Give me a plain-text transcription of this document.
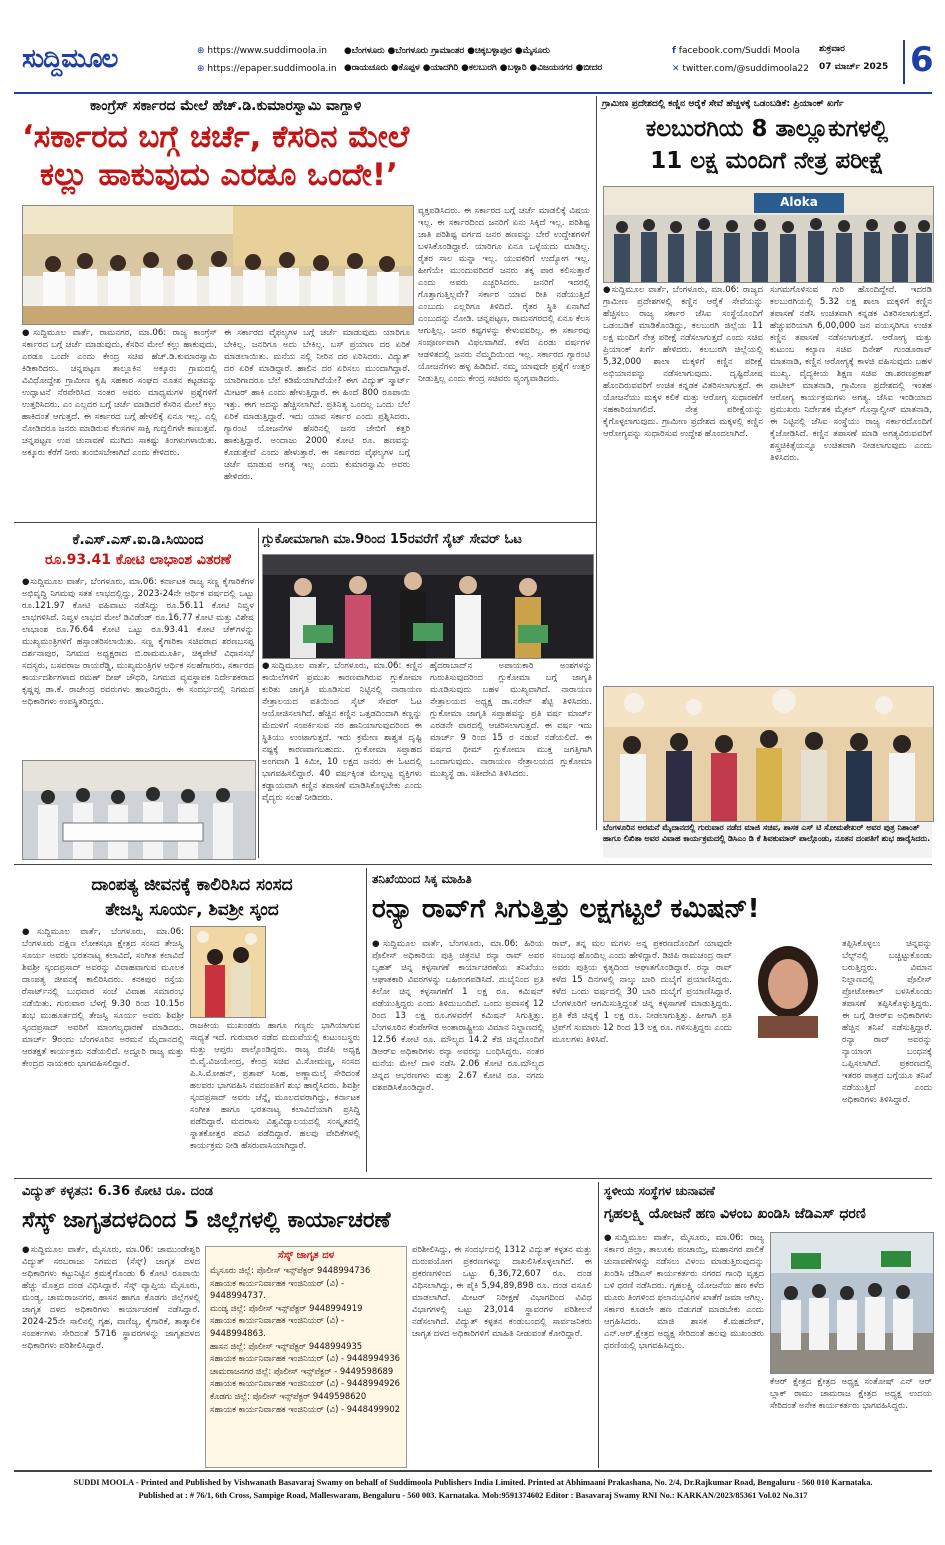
ಸುದ್ದಿಮೂಲ	⊕ https://www.suddimoola.in
⊕ https://epaper.suddimoola.in
●ಬೆಂಗಳೂರು ●ಬೆಂಗಳೂರು ಗ್ರಾಮಾಂತರ ●ಚಿಕ್ಕಬಳ್ಳಾಪುರ ●ಮೈಸೂರು
●ರಾಯಚೂರು ●ಕೊಪ್ಪಳ ●ಯಾದಗಿರಿ ●ಕಲಬುರಗಿ ●ಬಳ್ಳಾರಿ ●ವಿಜಯನಗರ ●ಬೀದರ
f facebook.com/Suddi Moola
✕ twitter.com/@suddimoola22
ಶುಕ್ರವಾರ
07 ಮಾರ್ಚ್ 2025 6
ಕಾಂಗ್ರೆಸ್ ಸರ್ಕಾರದ ಮೇಲೆ ಹೆಚ್.ಡಿ.ಕುಮಾರಸ್ವಾಮಿ ವಾಗ್ದಾಳಿ
‘ಸರ್ಕಾರದ ಬಗ್ಗೆ ಚರ್ಚೆ, ಕೆಸರಿನ ಮೇಲೆ
ಕಲ್ಲು ಹಾಕುವುದು ಎರಡೂ ಒಂದೇ!’
●ಸುದ್ದಿಮೂಲ ವಾರ್ತೆ, ರಾಮನಗರ, ಮಾ.06: ರಾಜ್ಯ ಕಾಂಗ್ರೆಸ್ ಸರ್ಕಾರದ ಬಗ್ಗೆ ಚರ್ಚೆ ಮಾಡುವುದು, ಕೆಸರಿನ ಮೇಲೆ ಕಲ್ಲು ಹಾಕುವುದು, ಎರಡೂ ಒಂದೇ ಎಂದು ಕೇಂದ್ರ ಸಚಿವ ಹೆಚ್.ಡಿ.ಕುಮಾರಸ್ವಾಮಿ ಕಿಡಿಕಾರಿದರು. ಚನ್ನಪಟ್ಟಣ ತಾಲ್ಲೂಕಿನ ಅಕ್ಕೂರು ಗ್ರಾಮದಲ್ಲಿ ವಿವಿಧೋದ್ದೇಶ ಗ್ರಾಮೀಣ ಕೃಷಿ ಸಹಕಾರ ಸಂಘದ ನೂತನ ಕಟ್ಟಡವನ್ನು ಉದ್ಘಾಟನೆ ನೆರವೇರಿಸಿದ ನಂತರ ಅವರು ಮಾಧ್ಯಮಗಳ ಪ್ರಶ್ನೆಗಳಿಗೆ ಉತ್ತರಿಸಿದರು. ಎಂ ಎಲ್ಲದರ ಬಗ್ಗೆ ಚರ್ಚೆ ಮಾಡಿದರೆ ಕೆಸರಿನ ಮೇಲೆ ಕಲ್ಲು ಹಾಕಿದಂತೆ ಆಗುತ್ತದೆ. ಈ ಸರ್ಕಾರದ ಬಗ್ಗೆ ಹೇಳಲಿಕ್ಕೆ ಏನೂ ಇಲ್ಲ. ಎಲ್ಲಿ ನೋಡಿದರೂ ಜನರು ಮಾಡಿರುವ ಕೆಲಸಗಳ ಸಾಕ್ಷಿ ಗುದ್ದಲಿಗಳೇ ಕಾಣುತ್ತವೆ. ಚನ್ನಪಟ್ಟಣ ಉಪ ಚುನಾವಣೆ ಮುಗಿದು ಸಾಕಷ್ಟು ತಿಂಗಳುಗಳಾಯಿತು. ಅಕ್ಕೂರು ಕೆರೆಗೆ ನೀರು ತುಂಬಿಸಬೇಕಾಗಿದೆ ಎಂದು ಕೇಳಿದರು.
ಈ ಸರ್ಕಾರದ ವೈಫಲ್ಯಗಳ ಬಗ್ಗೆ ಚರ್ಚೆ ಮಾಡುವುದು ಯಾರಿಗೂ ಬೇಕಿಲ್ಲ. ಜನರಿಗೂ ಅದು ಬೇಕಿಲ್ಲ. ಬಸ್ ಪ್ರಯಾಣ ದರ ಏರಿಕೆ ಮಾಡಲಾಯಿತು. ಮನೆಯ ನಲ್ಲಿ ನೀರಿನ ದರ ಏರಿಸಿದರು. ವಿದ್ಯುತ್ ದರ ಏರಿಕೆ ಮಾಡಿದ್ದಾರೆ. ಹಾಲಿನ ದರ ಏರಿಸಲು ಮುಂದಾಗಿದ್ದಾರೆ. ಯಾರಿಗಾದರೂ ಬೆಲೆ ಕಡಿಮೆಯಾಗಿದೆಯೇ? ಈಗ ವಿದ್ಯುತ್ ಸ್ಮಾರ್ಟ್ ಮೀಟರ್ ಹಾಕಿ ಎಂದು ಹೇಳುತ್ತಿದ್ದಾರೆ. ಈ ಹಿಂದೆ 800 ರೂಪಾಯಿ ಇತ್ತು. ಈಗ ಅದನ್ನು ಹೆಚ್ಚಿಸಲಾಗಿದೆ. ಪ್ರತಿನಿತ್ಯ ಒಂದಲ್ಲ ಒಂದು ಬೆಲೆ ಏರಿಕೆ ಮಾಡುತ್ತಿದ್ದಾರೆ. ಇದು ಯಾವ ಸರ್ಕಾರ ಎಂದು ಪ್ರಶ್ನಿಸಿದರು. ಗ್ಯಾರಂಟಿ ಯೋಜನೆಗಳ ಹೆಸರಿನಲ್ಲಿ ಜನರ ಜೇಬಿಗೆ ಕತ್ತರಿ ಹಾಕುತ್ತಿದ್ದಾರೆ. ಅಂದಾಜು 2000 ಕೋಟಿ ರೂ. ಹಣವನ್ನು ಕೊಡುತ್ತೇವೆ ಎಂದು ಹೇಳುತ್ತಾರೆ. ಈ ಸರ್ಕಾರದ ವೈಫಲ್ಯಗಳ ಬಗ್ಗೆ ಚರ್ಚೆ ಮಾಡುವ ಅಗತ್ಯ ಇಲ್ಲ ಎಂದು ಕುಮಾರಸ್ವಾಮಿ ಅವರು ಹೇಳಿದರು.
ವ್ಯಕ್ತಪಡಿಸಿದರು. ಈ ಸರ್ಕಾರದ ಬಗ್ಗೆ ಚರ್ಚೆ ಮಾಡಲಿಕ್ಕೆ ವಿಷಯ ಇಲ್ಲ. ಈ ಸರ್ಕಾರದಿಂದ ಜನರಿಗೆ ಏನು ಸಿಕ್ಕಿದೆ ಇಲ್ಲ. ಪರಿಶಿಷ್ಟ ಜಾತಿ ಪರಿಶಿಷ್ಟ ವರ್ಗದ ಜನರ ಹಣವನ್ನು ಬೇರೆ ಉದ್ದೇಶಗಳಿಗೆ ಬಳಸಿಕೊಂಡಿದ್ದಾರೆ. ಯಾರಿಗೂ ಏನೂ ಒಳ್ಳೆಯದು ಮಾಡಿಲ್ಲ. ರೈತರ ಸಾಲ ಮನ್ನಾ ಇಲ್ಲ. ಯುವಕರಿಗೆ ಉದ್ಯೋಗ ಇಲ್ಲ. ಹೀಗೆಯೇ ಮುಂದುವರಿದರೆ ಜನರು ತಕ್ಕ ಪಾಠ ಕಲಿಸುತ್ತಾರೆ ಎಂದು ಅವರು ಎಚ್ಚರಿಸಿದರು. ಜನರಿಗೆ ಇದರಲ್ಲಿ ಗೊತ್ತಾಗುತ್ತಿಲ್ಲವೇ? ಸರ್ಕಾರ ಯಾವ ರೀತಿ ನಡೆಯುತ್ತಿದೆ ಎಂಬುದು ಎಲ್ಲರಿಗೂ ತಿಳಿದಿದೆ. ರೈತರ ಸ್ಥಿತಿ ಏನಾಗಿದೆ ಎಂಬುದನ್ನು ನೋಡಿ. ಚನ್ನಪಟ್ಟಣ, ರಾಮನಗರದಲ್ಲಿ ಏನೂ ಕೆಲಸ ಆಗುತ್ತಿಲ್ಲ. ಜನರ ಕಷ್ಟಗಳನ್ನು ಕೇಳುವವರಿಲ್ಲ. ಈ ಸರ್ಕಾರವು ಸಂಪೂರ್ಣವಾಗಿ ವಿಫಲವಾಗಿದೆ. ಕಳೆದ ಎರಡು ವರ್ಷಗಳ ಆಡಳಿತದಲ್ಲಿ ಜನರು ನೆಮ್ಮದಿಯಿಂದ ಇಲ್ಲ. ಸರ್ಕಾರದ ಗ್ಯಾರಂಟಿ ಯೋಜನೆಗಳು ಹಳ್ಳ ಹಿಡಿದಿವೆ. ನಮ್ಮ ಯಾವುದೇ ಪ್ರಶ್ನೆಗೆ ಉತ್ತರ ನೀಡುತ್ತಿಲ್ಲ ಎಂದು ಕೇಂದ್ರ ಸಚಿವರು ವ್ಯಂಗ್ಯವಾಡಿದರು.
ಗ್ರಾಮೀಣ ಪ್ರದೇಶದಲ್ಲಿ ಕಣ್ಣಿನ ಆರೈಕೆ ಸೇವೆ ಹೆಚ್ಚಳಕ್ಕೆ ಒಡಂಬಡಿಕೆ: ಪ್ರಿಯಾಂಕ್ ಖರ್ಗೆ
ಕಲಬುರಗಿಯ 8 ತಾಲ್ಲೂಕುಗಳಲ್ಲಿ
11 ಲಕ್ಷ ಮಂದಿಗೆ ನೇತ್ರ ಪರೀಕ್ಷೆ
Aloka
●ಸುದ್ದಿಮೂಲ ವಾರ್ತೆ, ಬೆಂಗಳೂರು, ಮಾ.06: ರಾಜ್ಯದ ಗ್ರಾಮೀಣ ಪ್ರದೇಶಗಳಲ್ಲಿ ಕಣ್ಣಿನ ಆರೈಕೆ ಸೇವೆಯನ್ನು ಹೆಚ್ಚಿಸಲು ರಾಜ್ಯ ಸರ್ಕಾರ ಜೆಸಿಐ ಸಂಸ್ಥೆಯೊಂದಿಗೆ ಒಡಂಬಡಿಕೆ ಮಾಡಿಕೊಂಡಿದ್ದು, ಕಲಬುರಗಿ ಜಿಲ್ಲೆಯ 11 ಲಕ್ಷ ಮಂದಿಗೆ ನೇತ್ರ ಪರೀಕ್ಷೆ ನಡೆಸಲಾಗುತ್ತದೆ ಎಂದು ಸಚಿವ ಪ್ರಿಯಾಂಕ್ ಖರ್ಗೆ ಹೇಳಿದರು. ಕಲಬುರಗಿ ಜಿಲ್ಲೆಯಲ್ಲಿ 5,32,000 ಶಾಲಾ ಮಕ್ಕಳಿಗೆ ಕಣ್ಣಿನ ಪರೀಕ್ಷೆ ಅಭಿಯಾನವನ್ನು ನಡೆಸಲಾಗುವುದು. ದೃಷ್ಟಿದೋಷ ಹೊಂದಿರುವವರಿಗೆ ಉಚಿತ ಕನ್ನಡಕ ವಿತರಿಸಲಾಗುತ್ತದೆ. ಈ ಯೋಜನೆಯು ಮಕ್ಕಳ ಕಲಿಕೆ ಮತ್ತು ಆರೋಗ್ಯ ಸುಧಾರಣೆಗೆ ಸಹಕಾರಿಯಾಗಲಿದೆ. ನೇತ್ರ ಪರೀಕ್ಷೆಯನ್ನು ಕೈಗೊಳ್ಳಲಾಗುವುದು. ಗ್ರಾಮೀಣ ಪ್ರದೇಶದ ಮಕ್ಕಳಲ್ಲಿ ಕಣ್ಣಿನ ಆರೋಗ್ಯವನ್ನು ಸುಧಾರಿಸುವ ಉದ್ದೇಶ ಹೊಂದಲಾಗಿದೆ.
ಸುಗಮಗೊಳಿಸುವ ಗುರಿ ಹೊಂದಿದ್ದೇವೆ. ಇದರಡಿ ಕಲಬುರಗಿಯಲ್ಲಿ 5.32 ಲಕ್ಷ ಶಾಲಾ ಮಕ್ಕಳಿಗೆ ಕಣ್ಣಿನ ತಪಾಸಣೆ ನಡೆಸಿ ಉಚಿತವಾಗಿ ಕನ್ನಡಕ ವಿತರಿಸಲಾಗುತ್ತದೆ. ಹೆಚ್ಚುವರಿಯಾಗಿ 6,00,000 ಜನ ವಯಸ್ಕರಿಗೂ ಉಚಿತ ಕಣ್ಣಿನ ತಪಾಸಣೆ ನಡೆಸಲಾಗುತ್ತದೆ. ಆರೋಗ್ಯ ಮತ್ತು ಕುಟುಂಬ ಕಲ್ಯಾಣ ಸಚಿವ ದಿನೇಶ್ ಗುಂಡೂರಾವ್ ಮಾತನಾಡಿ, ಕಣ್ಣಿನ ಆರೋಗ್ಯಕ್ಕೆ ಕಾಳಜಿ ವಹಿಸುವುದು ಬಹಳ ಮುಖ್ಯ. ವೈದ್ಯಕೀಯ ಶಿಕ್ಷಣ ಸಚಿವ ಡಾ.ಶರಣಪ್ರಕಾಶ್ ಪಾಟೀಲ್ ಮಾತನಾಡಿ, ಗ್ರಾಮೀಣ ಪ್ರದೇಶದಲ್ಲಿ ಇಂತಹ ಆರೋಗ್ಯ ಕಾರ್ಯಕ್ರಮಗಳು ಅಗತ್ಯ. ಜೆಸಿಐ ಇಂಡಿಯಾದ ಪ್ರಮುಖರು ನಿರ್ದೇಶಕ ಮೈಕಲ್ ಗೊನ್ಸಾಲ್ವೀಸ್ ಮಾತನಾಡಿ, ಈ ನಿಟ್ಟಿನಲ್ಲಿ ಜೆಸಿಐ ಸಂಸ್ಥೆಯು ರಾಜ್ಯ ಸರ್ಕಾರದೊಂದಿಗೆ ಕೈಜೋಡಿಸಿದೆ. ಕಣ್ಣಿನ ತಪಾಸಣೆ ಮಾಡಿ ಅಗತ್ಯವಿರುವವರಿಗೆ ಶಸ್ತ್ರಚಿಕಿತ್ಸೆಯನ್ನೂ ಉಚಿತವಾಗಿ ನೀಡಲಾಗುವುದು ಎಂದು ತಿಳಿಸಿದರು.
ಬೆಂಗಳೂರಿನ ಅರಮನೆ ಮೈದಾನದಲ್ಲಿ ಗುರುವಾರ ನಡೆದ ಮಾಜಿ ಸಚಿವ, ಶಾಸಕ ಎಸ್ ಟಿ ಸೋಮಶೇಖರ್ ಅವರ ಪುತ್ರ ನಿಶಾಂತ್ ಹಾಗೂ ಲಿಖಿತಾ ಅವರ ವಿವಾಹ ಕಾರ್ಯಕ್ರಮದಲ್ಲಿ ಡಿಸಿಎಂ ಡಿ ಕೆ ಶಿವಕುಮಾರ್ ಪಾಲ್ಗೊಂಡು, ನೂತನ ದಂಪತಿಗೆ ಶುಭ ಹಾರೈಸಿದರು.
ಕೆ.ಎಸ್.ಎಸ್.ಐ.ಡಿ.ಸಿಯಿಂದ
ರೂ.93.41 ಕೋಟಿ ಲಾಭಾಂಶ ವಿತರಣೆ
●ಸುದ್ದಿಮೂಲ ವಾರ್ತೆ, ಬೆಂಗಳೂರು, ಮಾ.06: ಕರ್ನಾಟಕ ರಾಜ್ಯ ಸಣ್ಣ ಕೈಗಾರಿಕೆಗಳ ಅಭಿವೃದ್ಧಿ ನಿಗಮವು ಸತತ ಲಾಭದಲ್ಲಿದ್ದು, 2023-24ನೇ ಆರ್ಥಿಕ ವರ್ಷದಲ್ಲಿ ಒಟ್ಟು ರೂ.121.97 ಕೋಟಿ ವಹಿವಾಟು ನಡೆಸಿದ್ದು ರೂ.56.11 ಕೋಟಿ ನಿವ್ವಳ ಲಾಭಗಳಿಸಿದೆ. ನಿವ್ವಳ ಲಾಭದ ಮೇಲೆ ಡಿವಿಡೆಂಡ್ ರೂ.16.77 ಕೋಟಿ ಮತ್ತು ವಿಶೇಷ ಲಾಭಾಂಶ ರೂ.76.64 ಕೋಟಿ ಒಟ್ಟು ರೂ.93.41 ಕೋಟಿ ಚೆಕ್‌ಗಳನ್ನು ಮುಖ್ಯಮಂತ್ರಿಗಳಿಗೆ ಹಸ್ತಾಂತರಿಸಲಾಯಿತು. ಸಣ್ಣ ಕೈಗಾರಿಕಾ ಸಚಿವರಾದ ಶರಣಬಸಪ್ಪ ದರ್ಶನಾಪುರ, ನಿಗಮದ ಅಧ್ಯಕ್ಷರಾದ ಬಿ.ರಾಮಮೂರ್ತಿ, ಚಿಕ್ಕಪೇಟೆ ವಿಧಾನಸಭೆ ಸದಸ್ಯರು, ಬಸವರಾಜ ರಾಯರೆಡ್ಡಿ, ಮುಖ್ಯಮಂತ್ರಿಗಳ ಆರ್ಥಿಕ ಸಲಹೆಗಾರರು, ಸರ್ಕಾರದ ಕಾರ್ಯದರ್ಶಿಗಳಾದ ರಮಣ್ ದೀಪ್ ಚೌಧರಿ, ನಿಗಮದ ವ್ಯವಸ್ಥಾಪಕ ನಿರ್ದೇಶಕರಾದ ಕೃಷ್ಣಪ್ಪ ಡಾ.ಕೆ. ರಾಜೇಂದ್ರ ರವರುಗಳು ಹಾಜರಿದ್ದರು. ಈ ಸಂದರ್ಭದಲ್ಲಿ ನಿಗಮದ ಅಧಿಕಾರಿಗಳು ಉಪಸ್ಥಿತರಿದ್ದರು.
ಗ್ಲುಕೋಮಾಗಾಗಿ ಮಾ.9ರಿಂದ 15ರವರೆಗೆ ಸೈಟ್ ಸೇವರ್ ಓಟ
●ಸುದ್ದಿಮೂಲ ವಾರ್ತೆ, ಬೆಂಗಳೂರು, ಮಾ.06: ಕಣ್ಣಿನ ಕಾಯಿಲೆಗಳಿಗೆ ಪ್ರಮುಖ ಕಾರಣವಾಗಿರುವ ಗ್ಲುಕೋಮಾ ಕುರಿತು ಜಾಗೃತಿ ಮೂಡಿಸುವ ನಿಟ್ಟಿನಲ್ಲಿ ನಾರಾಯಣ ನೇತ್ರಾಲಯದ ವತಿಯಿಂದ ಸೈಟ್ ಸೇವರ್ ಓಟ ಆಯೋಜಿಸಲಾಗಿದೆ. ಹೆಚ್ಚಿನ ಕಣ್ಣಿನ ಒತ್ತಡದಿಂದಾಗಿ ಕಣ್ಣನ್ನು ಮೆದುಳಿಗೆ ಸಂಪರ್ಕಿಸುವ ನರ ಹಾನಿಯಾಗುವುದರಿಂದ ಈ ಸ್ಥಿತಿಯು ಉಂಟಾಗುತ್ತದೆ. ಇದು ಕ್ರಮೇಣ ಶಾಶ್ವತ ದೃಷ್ಟಿ ನಷ್ಟಕ್ಕೆ ಕಾರಣವಾಗಬಹುದು. ಗ್ಲುಕೋಮಾ ಸಪ್ತಾಹದ ಅಂಗವಾಗಿ 1 ಕಿಮೀ, 10 ಲಕ್ಷದ ಜನರು ಈ ಓಟದಲ್ಲಿ ಭಾಗವಹಿಸಲಿದ್ದಾರೆ. 40 ವರ್ಷಕ್ಕಿಂತ ಮೇಲ್ಪಟ್ಟ ವ್ಯಕ್ತಿಗಳು ಕಡ್ಡಾಯವಾಗಿ ಕಣ್ಣಿನ ತಪಾಸಣೆ ಮಾಡಿಸಿಕೊಳ್ಳಬೇಕು ಎಂದು ವೈದ್ಯರು ಸಲಹೆ ನೀಡಿದರು.
ಹೈದರಾಬಾದ್‌ನ ಅಪಾಯಕಾರಿ ಅಂಶಗಳನ್ನು ಗುರುತಿಸುವುದರಿಂದ ಗ್ಲುಕೋಮಾ ಬಗ್ಗೆ ಜಾಗೃತಿ ಮೂಡಿಸುವುದು ಬಹಳ ಮುಖ್ಯವಾಗಿದೆ. ನಾರಾಯಣ ನೇತ್ರಾಲಯದ ಅಧ್ಯಕ್ಷ ಡಾ.ನರೇನ್ ಶೆಟ್ಟಿ ತಿಳಿಸಿದರು. ಗ್ಲುಕೋಮಾ ಜಾಗೃತಿ ಸಪ್ತಾಹವನ್ನು ಪ್ರತಿ ವರ್ಷ ಮಾರ್ಚ್ ಎರಡನೇ ವಾರದಲ್ಲಿ ಆಚರಿಸಲಾಗುತ್ತದೆ. ಈ ವರ್ಷ ಇದು ಮಾರ್ಚ್ 9 ರಿಂದ 15 ರ ನಡುವೆ ನಡೆಯಲಿದೆ. ಈ ವರ್ಷದ ಥೀಮ್ ಗ್ಲುಕೋಮಾ ಮುಕ್ತ ಜಗತ್ತಿಗಾಗಿ ಒಂದಾಗುವುದು. ನಾರಾಯಣ ನೇತ್ರಾಲಯದ ಗ್ಲುಕೋಮಾ ಮುಖ್ಯಸ್ಥೆ ಡಾ. ಸತೀದೇವಿ ತಿಳಿಸಿದರು.
ದಾಂಪತ್ಯ ಜೀವನಕ್ಕೆ ಕಾಲಿರಿಸಿದ ಸಂಸದ
ತೇಜಸ್ವಿ ಸೂರ್ಯ, ಶಿವಶ್ರೀ ಸ್ಕಂದ
●ಸುದ್ದಿಮೂಲ ವಾರ್ತೆ, ಬೆಂಗಳೂರು, ಮಾ.06: ಬೆಂಗಳೂರು ದಕ್ಷಿಣ ಲೋಕಸಭಾ ಕ್ಷೇತ್ರದ ಸಂಸದ ತೇಜಸ್ವಿ ಸೂರ್ಯ ಅವರು ಭರತನಾಟ್ಯ ಕಲಾವಿದೆ, ಸಂಗೀತ ಕಲಾವಿದೆ ಶಿವಶ್ರೀ ಸ್ಕಂದಪ್ರಸಾದ್ ಅವರನ್ನು ವಿವಾಹವಾಗುವ ಮೂಲಕ ದಾಂಪತ್ಯ ಜೀವನಕ್ಕೆ ಕಾಲಿರಿಸಿದರು. ಕನಕಪುರ ರಸ್ತೆಯ ರೆಸಾರ್ಟ್‌ನಲ್ಲಿ ಬುಧವಾರ ಸಂಜೆ ವಿವಾಹ ಸಮಾರಂಭ ನಡೆಯಿತು. ಗುರುವಾರ ಬೆಳಗ್ಗೆ 9.30 ರಿಂದ 10.15ರ ಶುಭ ಮುಹೂರ್ತದಲ್ಲಿ ತೇಜಸ್ವಿ ಸೂರ್ಯ ಅವರು ಶಿವಶ್ರೀ ಸ್ಕಂದಪ್ರಸಾದ್ ಅವರಿಗೆ ಮಾಂಗಲ್ಯಧಾರಣೆ ಮಾಡಿದರು. ಮಾರ್ಚ್ 9ರಂದು ಬೆಂಗಳೂರಿನ ಅರಮನೆ ಮೈದಾನದಲ್ಲಿ ಆರತಕ್ಷತೆ ಕಾರ್ಯಕ್ರಮ ನಡೆಯಲಿದೆ. ಅದ್ದೂರಿ ರಾಜ್ಯ ಮತ್ತು ಕೇಂದ್ರದ ನಾಯಕರು ಭಾಗವಹಿಸಲಿದ್ದಾರೆ.
ರಾಜಕೀಯ ಮುಖಂಡರು ಹಾಗೂ ಗಣ್ಯರು ಭಾಗಿಯಾಗುವ ಸಾಧ್ಯತೆ ಇದೆ. ಗುರುವಾರ ನಡೆದ ಮದುವೆಯಲ್ಲಿ ಕುಟುಂಬಸ್ಥರು ಮತ್ತು ಆಪ್ತರು ಪಾಲ್ಗೊಂಡಿದ್ದರು. ರಾಜ್ಯ ಬಿಜೆಪಿ ಅಧ್ಯಕ್ಷ ಬಿ.ವೈ.ವಿಜಯೇಂದ್ರ, ಕೇಂದ್ರ ಸಚಿವ ವಿ.ಸೋಮಣ್ಣ, ಸಂಸದ ಪಿ.ಸಿ.ಮೋಹನ್, ಪ್ರತಾಪ್ ಸಿಂಹ, ಅಣ್ಣಾಮಲೈ ಸೇರಿದಂತೆ ಹಲವರು ಭಾಗವಹಿಸಿ ನವದಂಪತಿಗೆ ಶುಭ ಹಾರೈಸಿದರು. ಶಿವಶ್ರೀ ಸ್ಕಂದಪ್ರಸಾದ್ ಅವರು ಚೆನ್ನೈ ಮೂಲದವರಾಗಿದ್ದು, ಕರ್ನಾಟಕ ಸಂಗೀತ ಹಾಗೂ ಭರತನಾಟ್ಯ ಕಲಾವಿದೆಯಾಗಿ ಪ್ರಸಿದ್ಧಿ ಪಡೆದಿದ್ದಾರೆ. ಮದರಾಸು ವಿಶ್ವವಿದ್ಯಾಲಯದಲ್ಲಿ ಸಂಸ್ಕೃತದಲ್ಲಿ ಸ್ನಾತಕೋತ್ತರ ಪದವಿ ಪಡೆದಿದ್ದಾರೆ. ಹಲವು ವೇದಿಕೆಗಳಲ್ಲಿ ಕಾರ್ಯಕ್ರಮ ನೀಡಿ ಹೆಸರುವಾಸಿಯಾಗಿದ್ದಾರೆ.
ತನಿಖೆಯಿಂದ ಸಿಕ್ಕ ಮಾಹಿತಿ
ರನ್ಯಾ ರಾವ್‌ಗೆ ಸಿಗುತ್ತಿತ್ತು ಲಕ್ಷಗಟ್ಟಲೆ ಕಮಿಷನ್!
●ಸುದ್ದಿಮೂಲ ವಾರ್ತೆ, ಬೆಂಗಳೂರು, ಮಾ.06: ಹಿರಿಯ ಪೊಲೀಸ್ ಅಧಿಕಾರಿಯ ಪುತ್ರಿ ಚಿತ್ರನಟಿ ರನ್ಯಾ ರಾವ್ ಅವರ ಬೃಹತ್ ಚಿನ್ನ ಕಳ್ಳಸಾಗಣೆ ಕಾರ್ಯಾಚರಣೆಯ ತನಿಖೆಯು ಆಘಾತಕಾರಿ ವಿವರಗಳನ್ನು ಬಹಿರಂಗಪಡಿಸಿದೆ. ದುಬೈನಿಂದ ಪ್ರತಿ ಕಿಲೋ ಚಿನ್ನ ಕಳ್ಳಸಾಗಣೆಗೆ 1 ಲಕ್ಷ ರೂ. ಕಮಿಷನ್ ಪಡೆಯುತ್ತಿದ್ದರು ಎಂದು ತಿಳಿದುಬಂದಿದೆ. ಒಂದು ಪ್ರವಾಸಕ್ಕೆ 12 ರಿಂದ 13 ಲಕ್ಷ ರೂ.ಗಳವರೆಗೆ ಕಮಿಷನ್ ಸಿಗುತ್ತಿತ್ತು. ಬೆಂಗಳೂರಿನ ಕೆಂಪೇಗೌಡ ಅಂತಾರಾಷ್ಟ್ರೀಯ ವಿಮಾನ ನಿಲ್ದಾಣದಲ್ಲಿ 12.56 ಕೋಟಿ ರೂ. ಮೌಲ್ಯದ 14.2 ಕೆಜಿ ಚಿನ್ನದೊಂದಿಗೆ ಡಿಆರ್‌ಐ ಅಧಿಕಾರಿಗಳು ರನ್ಯಾ ಅವರನ್ನು ಬಂಧಿಸಿದ್ದರು. ನಂತರ ಮನೆಯ ಮೇಲೆ ದಾಳಿ ನಡೆಸಿ 2.06 ಕೋಟಿ ರೂ.ಮೌಲ್ಯದ ಚಿನ್ನದ ಆಭರಣಗಳು ಮತ್ತು 2.67 ಕೋಟಿ ರೂ. ನಗದು ವಶಪಡಿಸಿಕೊಂಡಿದ್ದಾರೆ.
ರಾವ್, ತನ್ನ ಮಲ ಮಗಳು ಅನ್ನ ಪ್ರಕರಣದೊಂದಿಗೆ ಯಾವುದೇ ಸಂಬಂಧ ಹೊಂದಿಲ್ಲ ಎಂದು ಹೇಳಿದ್ದಾರೆ. ಡಿಜಿಪಿ ರಾಮಚಂದ್ರ ರಾವ್ ಅವರು ಪುತ್ರಿಯ ಕೃತ್ಯದಿಂದ ಆಘಾತಗೊಂಡಿದ್ದಾರೆ. ರನ್ಯಾ ರಾವ್ ಕಳೆದ 15 ದಿನಗಳಲ್ಲಿ ನಾಲ್ಕು ಬಾರಿ ದುಬೈಗೆ ಪ್ರಯಾಣಿಸಿದ್ದರು. ಕಳೆದ ಒಂದು ವರ್ಷದಲ್ಲಿ 30 ಬಾರಿ ದುಬೈಗೆ ಪ್ರಯಾಣಿಸಿದ್ದಾರೆ. ಬೆಂಗಳೂರಿಗೆ ಆಗಮಿಸುತ್ತಿದ್ದಂತೆ ಚಿನ್ನ ಕಳ್ಳಸಾಗಣೆ ಮಾಡುತ್ತಿದ್ದರು. ಪ್ರತಿ ಕೆಜಿ ಚಿನ್ನಕ್ಕೆ 1 ಲಕ್ಷ ರೂ. ನೀಡಲಾಗುತ್ತಿತ್ತು. ಹೀಗಾಗಿ ಪ್ರತಿ ಟ್ರಿಪ್‌ಗೆ ಸುಮಾರು 12 ರಿಂದ 13 ಲಕ್ಷ ರೂ. ಗಳಿಸುತ್ತಿದ್ದರು ಎಂದು ಮೂಲಗಳು ತಿಳಿಸಿವೆ.
ತಪ್ಪಿಸಿಕೊಳ್ಳಲು ಚಿನ್ನವನ್ನು ಬೆಲ್ಟ್‌ನಲ್ಲಿ ಬಚ್ಚಿಟ್ಟುಕೊಂಡು ಬರುತ್ತಿದ್ದರು. ವಿಮಾನ ನಿಲ್ದಾಣದಲ್ಲಿ ಪೊಲೀಸ್ ಪ್ರೋಟೋಕಾಲ್ ಬಳಸಿಕೊಂಡು ತಪಾಸಣೆ ತಪ್ಪಿಸಿಕೊಳ್ಳುತ್ತಿದ್ದರು. ಈ ಬಗ್ಗೆ ಡಿಆರ್‌ಐ ಅಧಿಕಾರಿಗಳು ಹೆಚ್ಚಿನ ತನಿಖೆ ನಡೆಸುತ್ತಿದ್ದಾರೆ. ರನ್ಯಾ ರಾವ್ ಅವರನ್ನು ನ್ಯಾಯಾಂಗ ಬಂಧನಕ್ಕೆ ಒಪ್ಪಿಸಲಾಗಿದೆ. ಪ್ರಕರಣದಲ್ಲಿ ಇತರರ ಪಾತ್ರದ ಬಗ್ಗೆಯೂ ತನಿಖೆ ನಡೆಯುತ್ತಿದೆ ಎಂದು ಅಧಿಕಾರಿಗಳು ತಿಳಿಸಿದ್ದಾರೆ.
ವಿದ್ಯುತ್ ಕಳ್ಳತನ: 6.36 ಕೋಟಿ ರೂ. ದಂಡ
ಸೆಸ್ಕ್ ಜಾಗೃತದಳದಿಂದ 5 ಜಿಲ್ಲೆಗಳಲ್ಲಿ ಕಾರ್ಯಾಚರಣೆ
●ಸುದ್ದಿಮೂಲ ವಾರ್ತೆ, ಮೈಸೂರು, ಮಾ.06: ಚಾಮುಂಡೇಶ್ವರಿ ವಿದ್ಯುತ್ ಸರಬರಾಜು ನಿಗಮದ (ಸೆಸ್ಕ್) ಜಾಗೃತ ದಳದ ಅಧಿಕಾರಿಗಳು ಕಟ್ಟುನಿಟ್ಟಿನ ಕ್ರಮಕೈಗೊಂಡು 6 ಕೋಟಿ ರೂಪಾಯಿ ಹೆಚ್ಚು ಮೊತ್ತದ ದಂಡ ವಿಧಿಸಿದ್ದಾರೆ. ಸೆಸ್ಕ್ ವ್ಯಾಪ್ತಿಯ ಮೈಸೂರು, ಮಂಡ್ಯ, ಚಾಮರಾಜನಗರ, ಹಾಸನ ಹಾಗೂ ಕೊಡಗು ಜಿಲ್ಲೆಗಳಲ್ಲಿ ಜಾಗೃತ ದಳದ ಅಧಿಕಾರಿಗಳು ಕಾರ್ಯಾಚರಣೆ ನಡೆಸಿದ್ದಾರೆ. 2024-25ನೇ ಸಾಲಿನಲ್ಲಿ ಗೃಹ, ವಾಣಿಜ್ಯ, ಕೈಗಾರಿಕೆ, ತಾತ್ಕಾಲಿಕ ಸಂಪರ್ಕಗಳು ಸೇರಿದಂತೆ 5716 ಸ್ಥಾವರಗಳನ್ನು ಜಾಗೃತದಳದ ಅಧಿಕಾರಿಗಳು ಪರಿಶೀಲಿಸಿದ್ದಾರೆ.
ಸೆಸ್ಕ್ ಜಾಗೃತ ದಳ
ಮೈಸೂರು ಜಿಲ್ಲೆ: ಪೊಲೀಸ್ ಇನ್ಸ್‌ಪೆಕ್ಟರ್ 9448994736
ಸಹಾಯಕ ಕಾರ್ಯನಿರ್ವಾಹಕ ಇಂಜಿನಿಯರ್ (ವಿ) - 9448994737.
ಮಂಡ್ಯ ಜಿಲ್ಲೆ: ಪೊಲೀಸ್ ಇನ್ಸ್‌ಪೆಕ್ಟರ್ 9448994919
ಸಹಾಯಕ ಕಾರ್ಯನಿರ್ವಾಹಕ ಇಂಜಿನಿಯರ್ (ವಿ) - 9448994863.
ಹಾಸನ ಜಿಲ್ಲೆ: ಪೊಲೀಸ್ ಇನ್ಸ್‌ಪೆಕ್ಟರ್ 9448994935
ಸಹಾಯಕ ಕಾರ್ಯನಿರ್ವಾಹಕ ಇಂಜಿನಿಯರ್ (ವಿ) - 9448994936
ಚಾಮರಾಜನಗರ ಜಿಲ್ಲೆ: ಪೊಲೀಸ್ ಇನ್ಸ್‌ಪೆಕ್ಟರ್ - 9449598689
ಸಹಾಯಕ ಕಾರ್ಯನಿರ್ವಾಹಕ ಇಂಜಿನಿಯರ್ (ವಿ) - 9448994926
ಕೊಡಗು ಜಿಲ್ಲೆ: ಪೊಲೀಸ್ ಇನ್ಸ್‌ಪೆಕ್ಟರ್ 9449598620
ಸಹಾಯಕ ಕಾರ್ಯನಿರ್ವಾಹಕ ಇಂಜಿನಿಯರ್ (ವಿ) - 9448499902
ಪರಿಶೀಲಿಸಿದ್ದು, ಈ ಸಂದರ್ಭದಲ್ಲಿ 1312 ವಿದ್ಯುತ್ ಕಳ್ಳತನ ಮತ್ತು ದುರುಪಯೋಗ ಪ್ರಕರಣಗಳನ್ನು ದಾಖಲಿಸಿಕೊಳ್ಳಲಾಗಿದೆ. ಈ ಪ್ರಕರಣಗಳಿಂದ ಒಟ್ಟು 6,36,72,607 ರೂ. ದಂಡ ವಿಧಿಸಲಾಗಿದ್ದು, ಈ ಪೈಕಿ 5,94,89,898 ರೂ. ದಂಡ ವಸೂಲಿ ಮಾಡಲಾಗಿದೆ. ಮೀಟರ್ ನಿರೀಕ್ಷಣೆ ವಿಭಾಗದಿಂದ ವಿವಿಧ ವಿಭಾಗಗಳಲ್ಲಿ ಒಟ್ಟು 23,014 ಸ್ಥಾವರಗಳ ಪರಿಶೀಲನೆ ನಡೆಸಲಾಗಿದೆ. ವಿದ್ಯುತ್ ಕಳ್ಳತನ ಕಂಡುಬಂದಲ್ಲಿ ಸಾರ್ವಜನಿಕರು ಜಾಗೃತ ದಳದ ಅಧಿಕಾರಿಗಳಿಗೆ ಮಾಹಿತಿ ನೀಡುವಂತೆ ಕೋರಿದ್ದಾರೆ.
ಸ್ಥಳೀಯ ಸಂಸ್ಥೆಗಳ ಚುನಾವಣೆ
ಗೃಹಲಕ್ಷ್ಮಿ ಯೋಜನೆ ಹಣ ವಿಳಂಬ ಖಂಡಿಸಿ ಜೆಡಿಎಸ್ ಧರಣಿ
●ಸುದ್ದಿಮೂಲ ವಾರ್ತೆ, ಮೈಸೂರು, ಮಾ.06: ರಾಜ್ಯ ಸರ್ಕಾರ ಜಿಲ್ಲಾ, ತಾಲೂಕು ಪಂಚಾಯ್ತಿ, ಮಹಾನಗರ ಪಾಲಿಕೆ ಚುನಾವಣೆಗಳನ್ನು ನಡೆಸಲು ವಿಳಂಬ ಮಾಡುತ್ತಿರುವುದನ್ನು ಖಂಡಿಸಿ ಜೆಡಿಎಸ್ ಕಾರ್ಯಕರ್ತರು ನಗರದ ಗಾಂಧಿ ವೃತ್ತದ ಬಳಿ ಧರಣಿ ನಡೆಸಿದರು. ಗೃಹಲಕ್ಷ್ಮಿ ಯೋಜನೆಯ ಹಣ ಕಳೆದ ಮೂರು ತಿಂಗಳಿಂದ ಫಲಾನುಭವಿಗಳ ಖಾತೆಗೆ ಜಮಾ ಆಗಿಲ್ಲ. ಸರ್ಕಾರ ಕೂಡಲೇ ಹಣ ಬಿಡುಗಡೆ ಮಾಡಬೇಕು ಎಂದು ಆಗ್ರಹಿಸಿದರು. ಮಾಜಿ ಶಾಸಕ ಕೆ.ಮಹದೇವ್, ಎನ್.ಆರ್.ಕ್ಷೇತ್ರದ ಅಧ್ಯಕ್ಷ ಸೇರಿದಂತೆ ಹಲವು ಮುಖಂಡರು ಧರಣಿಯಲ್ಲಿ ಭಾಗವಹಿಸಿದ್ದರು.
ಕೆಆರ್ ಕ್ಷೇತ್ರದ ಕ್ಷೇತ್ರದ ಅಧ್ಯಕ್ಷ ಸಂತೋಷ್ ಎನ್ ಆರ್ ಬ್ಲಾಕ್ ರಾಮು ಚಾಮರಾಜ ಕ್ಷೇತ್ರದ ಅಧ್ಯಕ್ಷ ಉದಯ ಸೇರಿದಂತೆ ಅನೇಕ ಕಾರ್ಯಕರ್ತರು ಭಾಗವಹಿಸಿದ್ದರು.
SUDDI MOOLA - Printed and Published by Vishwanath Basavaraj Swamy on behalf of Suddimoola Publishers India Limited. Printed at Abhimaani Prakashana, No. 2/4, Dr.Rajkumar Road, Bengaluru - 560 010 Karnataka.
Published at : # 76/1, 6th Cross, Sampige Road, Malleswaram, Bengaluru - 560 003. Karnataka. Mob:9591374602 Editor : Basavaraj Swamy RNI No.: KARKAN/2023/85361 Vol.02 No.317
